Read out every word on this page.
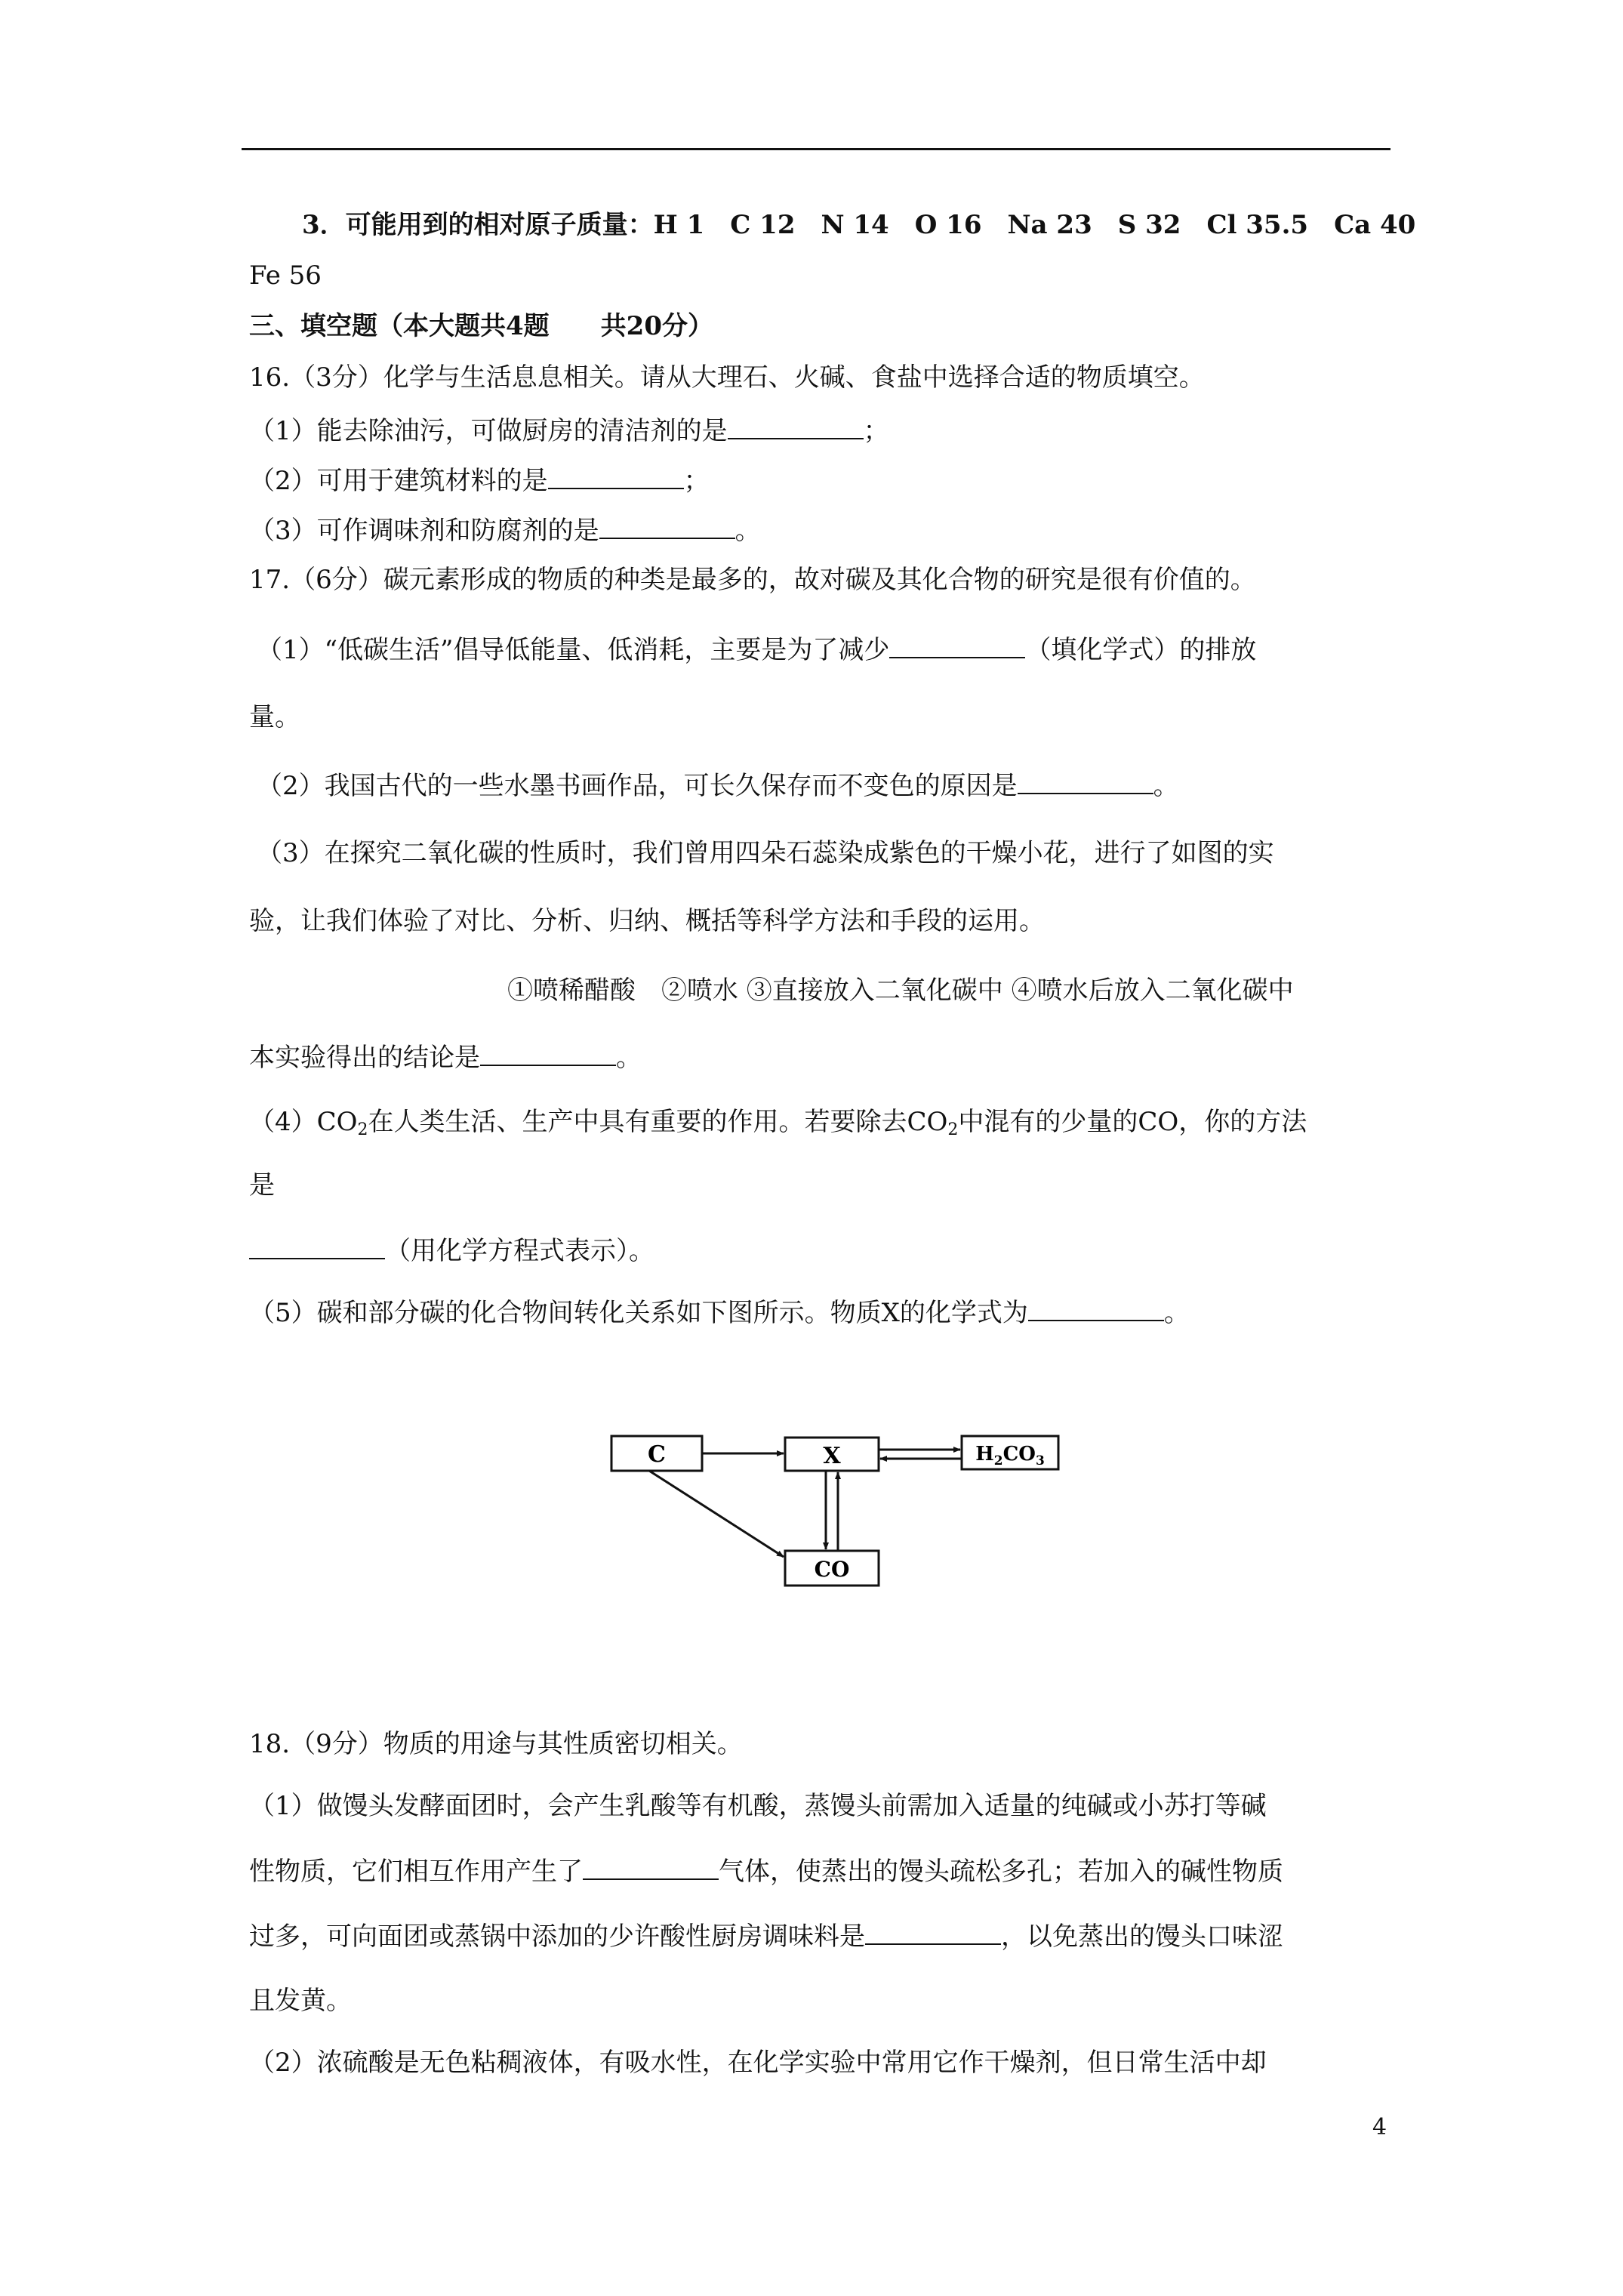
3．可能用到的相对原子质量：H 1　C 12　N 14　O 16　Na 23　S 32　Cl 35.5　Ca 40
Fe 56
三、填空题（本大题共4题　　共20分）
16.（3分）化学与生活息息相关。请从大理石、火碱、食盐中选择合适的物质填空。
（1）能去除油污，可做厨房的清洁剂的是	；
（2）可用于建筑材料的是	；
（3）可作调味剂和防腐剂的是	。
17.（6分）碳元素形成的物质的种类是最多的，故对碳及其化合物的研究是很有价值的。
（1）“低碳生活”倡导低能量、低消耗，主要是为了减少	（填化学式）的排放
量。
（2）我国古代的一些水墨书画作品，可长久保存而不变色的原因是	。
（3）在探究二氧化碳的性质时，我们曾用四朵石蕊染成紫色的干燥小花，进行了如图的实
验，让我们体验了对比、分析、归纳、概括等科学方法和手段的运用。
①喷稀醋酸　②喷水 ③直接放入二氧化碳中 ④喷水后放入二氧化碳中
本实验得出的结论是	。
$(4)CO_2$在人类生活、生产中具有重要的作用。若要除去$CO_2$中混有的少量的CO，你的方法
是
（用化学方程式表示）。
（5）碳和部分碳的化合物间转化关系如下图所示。物质X的化学式为	。
C	X	$H_2CO_3$
CO
18.（9分）物质的用途与其性质密切相关。
（1）做馒头发酵面团时，会产生乳酸等有机酸，蒸馒头前需加入适量的纯碱或小苏打等碱
性物质，它们相互作用产生了	气体，使蒸出的馒头疏松多孔；若加入的碱性物质
过多，可向面团或蒸锅中添加的少许酸性厨房调味料是	，以免蒸出的馒头口味涩
且发黄。
（2）浓硫酸是无色粘稠液体，有吸水性，在化学实验中常用它作干燥剂，但日常生活中却
4
